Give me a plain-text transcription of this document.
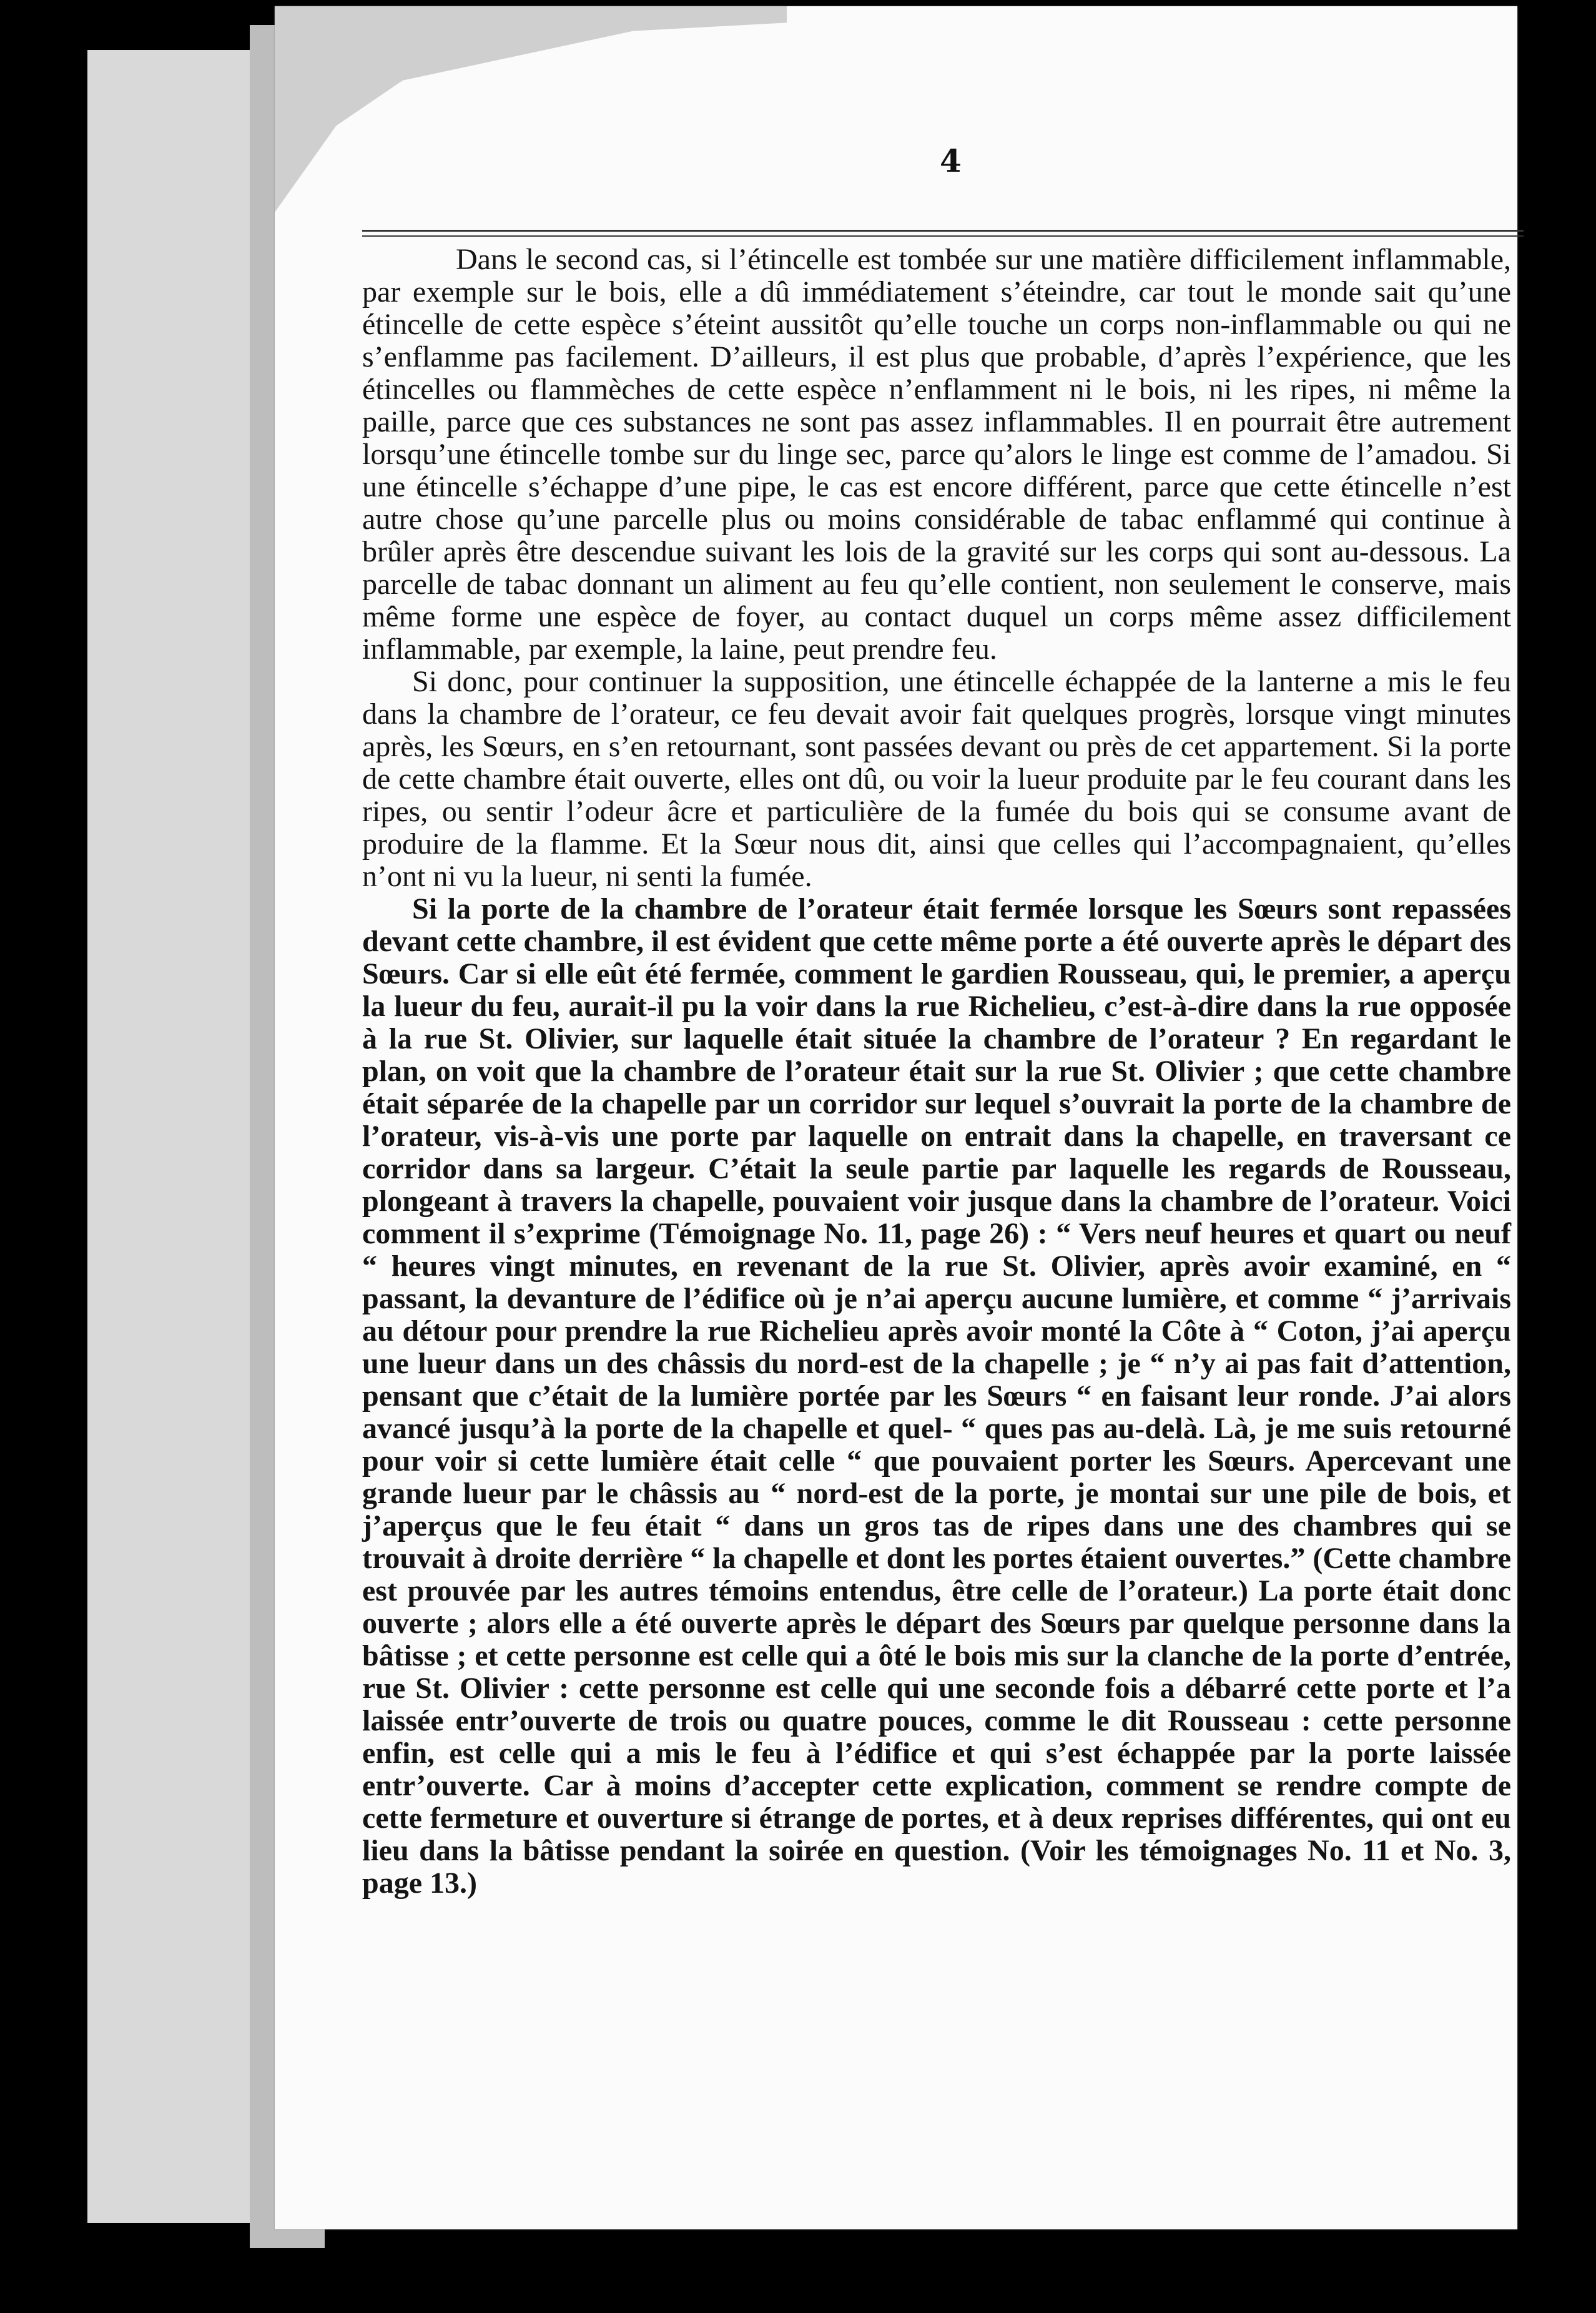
4

Dans le second cas, si l’étincelle est tombée sur une matière difficilement inflammable, par exemple sur le bois, elle a dû immédiatement s’éteindre, car tout le monde sait qu’une étincelle de cette espèce s’éteint aussitôt qu’elle touche un corps non-inflammable ou qui ne s’enflamme pas facilement. D’ailleurs, il est plus que probable, d’après l’expérience, que les étincelles ou flammèches de cette espèce n’enflamment ni le bois, ni les ripes, ni même la paille, parce que ces substances ne sont pas assez inflammables. Il en pourrait être autrement lorsqu’une étincelle tombe sur du linge sec, parce qu’alors le linge est comme de l’amadou. Si une étincelle s’échappe d’une pipe, le cas est encore différent, parce que cette étincelle n’est autre chose qu’une parcelle plus ou moins considérable de tabac enflammé qui continue à brûler après être descendue suivant les lois de la gravité sur les corps qui sont au-dessous. La parcelle de tabac donnant un aliment au feu qu’elle contient, non seulement le conserve, mais même forme une espèce de foyer, au contact duquel un corps même assez difficilement inflammable, par exemple, la laine, peut prendre feu.

Si donc, pour continuer la supposition, une étincelle échappée de la lanterne a mis le feu dans la chambre de l’orateur, ce feu devait avoir fait quelques progrès, lorsque vingt minutes après, les Sœurs, en s’en retournant, sont passées devant ou près de cet appartement. Si la porte de cette chambre était ouverte, elles ont dû, ou voir la lueur produite par le feu courant dans les ripes, ou sentir l’odeur âcre et particulière de la fumée du bois qui se consume avant de produire de la flamme. Et la Sœur nous dit, ainsi que celles qui l’accompagnaient, qu’elles n’ont ni vu la lueur, ni senti la fumée.

Si la porte de la chambre de l’orateur était fermée lorsque les Sœurs sont repassées devant cette chambre, il est évident que cette même porte a été ouverte après le départ des Sœurs. Car si elle eût été fermée, comment le gardien Rousseau, qui, le premier, a aperçu la lueur du feu, aurait-il pu la voir dans la rue Richelieu, c’est-à-dire dans la rue opposée à la rue St. Olivier, sur laquelle était située la chambre de l’orateur ? En regardant le plan, on voit que la chambre de l’orateur était sur la rue St. Olivier ; que cette chambre était séparée de la chapelle par un corridor sur lequel s’ouvrait la porte de la chambre de l’orateur, vis-à-vis une porte par laquelle on entrait dans la chapelle, en traversant ce corridor dans sa largeur. C’était la seule partie par laquelle les regards de Rousseau, plongeant à travers la chapelle, pouvaient voir jusque dans la chambre de l’orateur. Voici comment il s’exprime (Témoignage No. 11, page 26) : “ Vers neuf heures et quart ou neuf “ heures vingt minutes, en revenant de la rue St. Olivier, après avoir examiné, en “ passant, la devanture de l’édifice où je n’ai aperçu aucune lumière, et comme “ j’arrivais au détour pour prendre la rue Richelieu après avoir monté la Côte à “ Coton, j’ai aperçu une lueur dans un des châssis du nord-est de la chapelle ; je “ n’y ai pas fait d’attention, pensant que c’était de la lumière portée par les Sœurs “ en faisant leur ronde. J’ai alors avancé jusqu’à la porte de la chapelle et quel- “ ques pas au-delà. Là, je me suis retourné pour voir si cette lumière était celle “ que pouvaient porter les Sœurs. Apercevant une grande lueur par le châssis au “ nord-est de la porte, je montai sur une pile de bois, et j’aperçus que le feu était “ dans un gros tas de ripes dans une des chambres qui se trouvait à droite derrière “ la chapelle et dont les portes étaient ouvertes.” (Cette chambre est prouvée par les autres témoins entendus, être celle de l’orateur.) La porte était donc ouverte ; alors elle a été ouverte après le départ des Sœurs par quelque personne dans la bâtisse ; et cette personne est celle qui a ôté le bois mis sur la clanche de la porte d’entrée, rue St. Olivier : cette personne est celle qui une seconde fois a débarré cette porte et l’a laissée entr’ouverte de trois ou quatre pouces, comme le dit Rousseau : cette personne enfin, est celle qui a mis le feu à l’édifice et qui s’est échappée par la porte laissée entr’ouverte. Car à moins d’accepter cette explication, comment se rendre compte de cette fermeture et ouverture si étrange de portes, et à deux reprises différentes, qui ont eu lieu dans la bâtisse pendant la soirée en question. (Voir les témoignages No. 11 et No. 3, page 13.)
